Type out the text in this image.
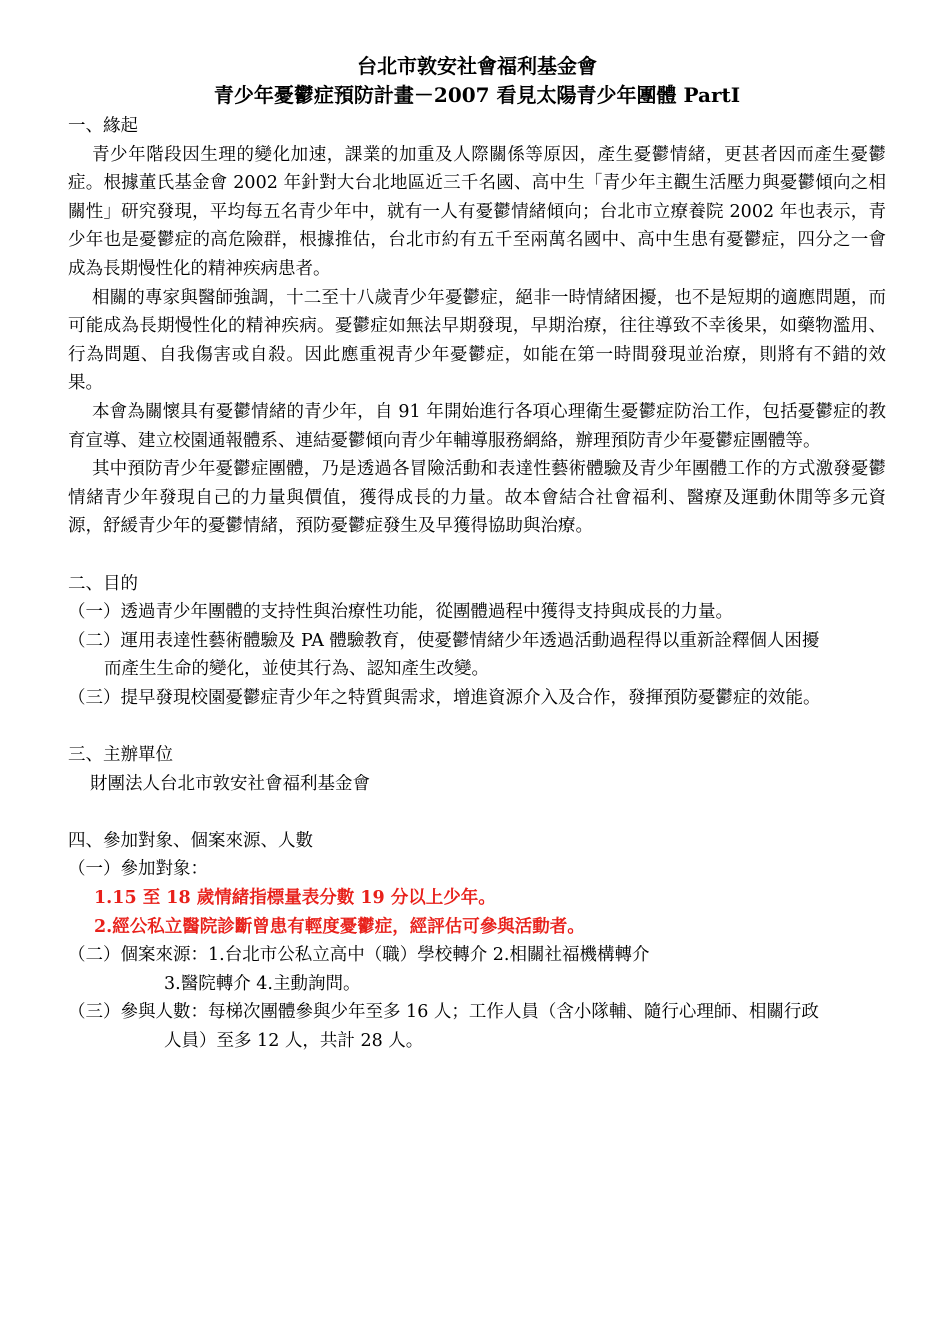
台北市敦安社會福利基金會

青少年憂鬱症預防計畫－2007 看見太陽青少年團體 PartI

一、緣起

青少年階段因生理的變化加速，課業的加重及人際關係等原因，產生憂鬱情緒，更甚者因而產生憂鬱症。根據董氏基金會 2002 年針對大台北地區近三千名國、高中生「青少年主觀生活壓力與憂鬱傾向之相關性」研究發現，平均每五名青少年中，就有一人有憂鬱情緒傾向；台北市立療養院 2002 年也表示，青少年也是憂鬱症的高危險群，根據推估，台北市約有五千至兩萬名國中、高中生患有憂鬱症，四分之一會成為長期慢性化的精神疾病患者。

相關的專家與醫師強調，十二至十八歲青少年憂鬱症，絕非一時情緒困擾，也不是短期的適應問題，而可能成為長期慢性化的精神疾病。憂鬱症如無法早期發現，早期治療，往往導致不幸後果，如藥物濫用、行為問題、自我傷害或自殺。因此應重視青少年憂鬱症，如能在第一時間發現並治療，則將有不錯的效果。

本會為關懷具有憂鬱情緒的青少年，自 91 年開始進行各項心理衛生憂鬱症防治工作，包括憂鬱症的教育宣導、建立校園通報體系、連結憂鬱傾向青少年輔導服務網絡，辦理預防青少年憂鬱症團體等。

其中預防青少年憂鬱症團體，乃是透過各冒險活動和表達性藝術體驗及青少年團體工作的方式激發憂鬱情緒青少年發現自己的力量與價值，獲得成長的力量。故本會結合社會福利、醫療及運動休閒等多元資源，舒緩青少年的憂鬱情緒，預防憂鬱症發生及早獲得協助與治療。

二、目的

（一）透過青少年團體的支持性與治療性功能，從團體過程中獲得支持與成長的力量。

（二）運用表達性藝術體驗及 PA 體驗教育，使憂鬱情緒少年透過活動過程得以重新詮釋個人困擾

而產生生命的變化，並使其行為、認知產生改變。

（三）提早發現校園憂鬱症青少年之特質與需求，增進資源介入及合作，發揮預防憂鬱症的效能。

三、主辦單位

財團法人台北市敦安社會福利基金會

四、參加對象、個案來源、人數

（一）參加對象：

1.15 至 18 歲情緒指標量表分數 19 分以上少年。

2.經公私立醫院診斷曾患有輕度憂鬱症，經評估可參與活動者。

（二）個案來源：1.台北市公私立高中（職）學校轉介 2.相關社福機構轉介

3.醫院轉介 4.主動詢問。

（三）參與人數：每梯次團體參與少年至多 16 人；工作人員（含小隊輔、隨行心理師、相關行政

人員）至多 12 人，共計 28 人。
